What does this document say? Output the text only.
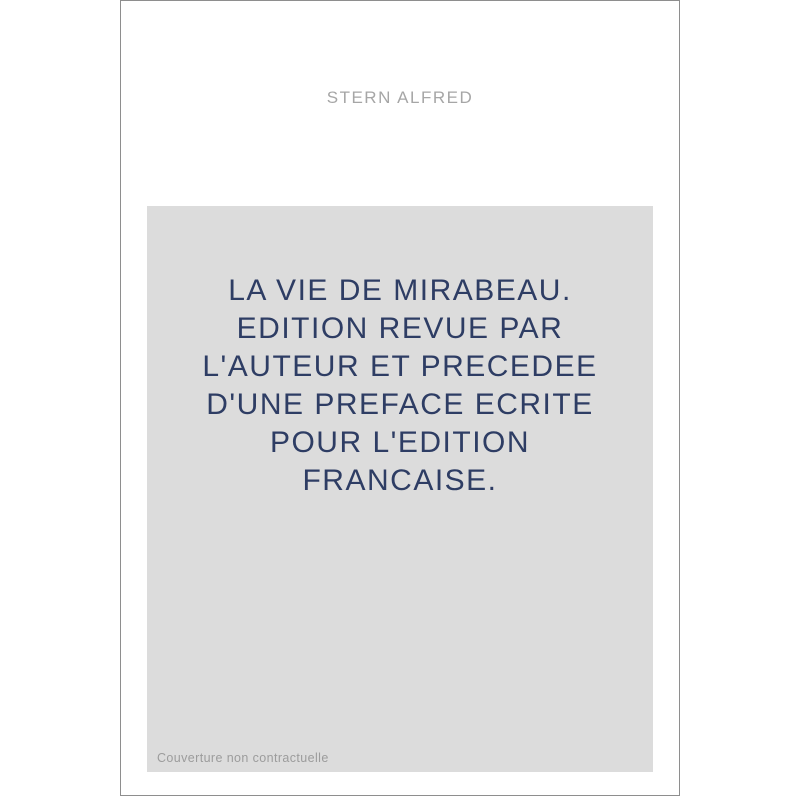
STERN ALFRED
LA VIE DE MIRABEAU. EDITION REVUE PAR L'AUTEUR ET PRECEDEE D'UNE PREFACE ECRITE POUR L'EDITION FRANCAISE.
Couverture non contractuelle
